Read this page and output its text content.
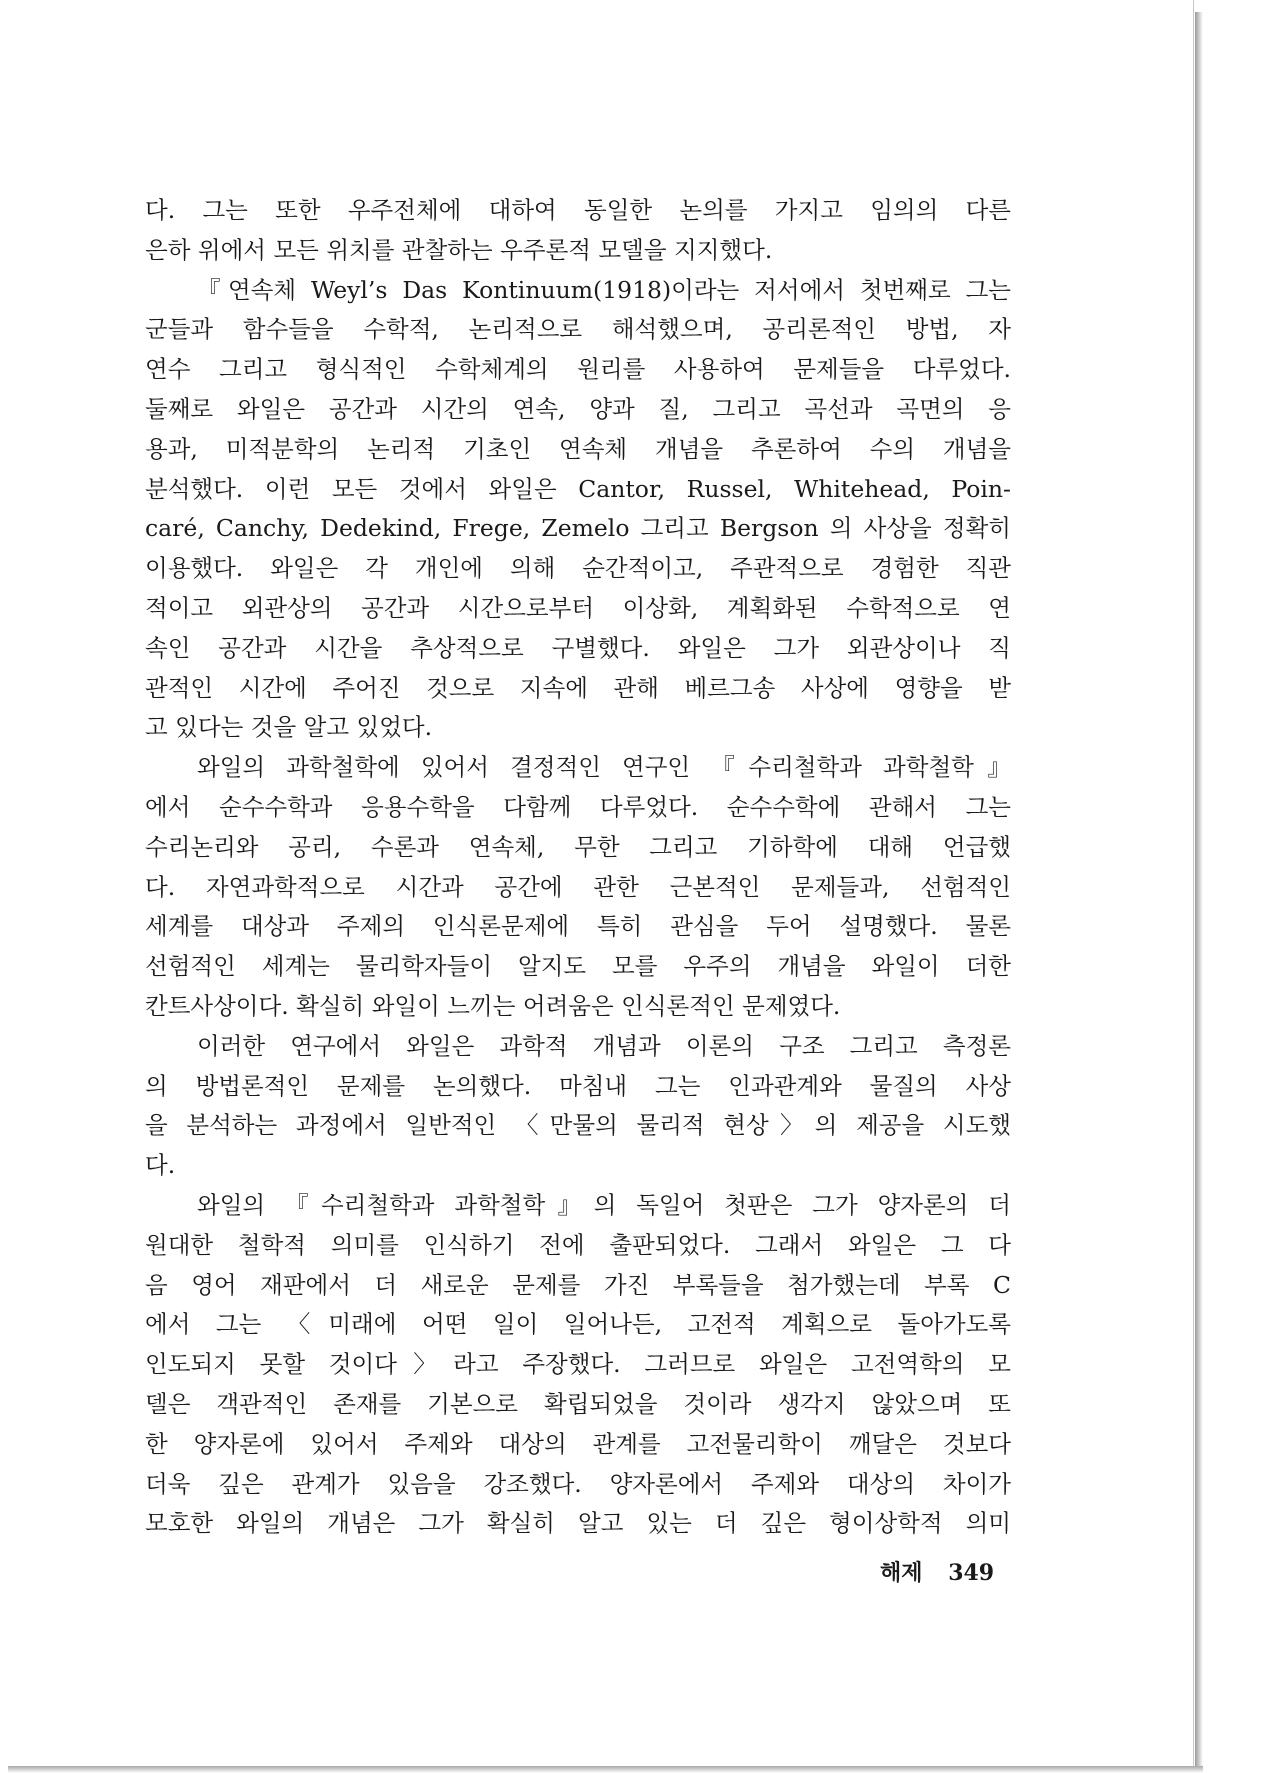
다. 그는 또한 우주전체에 대하여 동일한 논의를 가지고 임의의 다른
은하 위에서 모든 위치를 관찰하는 우주론적 모델을 지지했다.
『연속체 Weyl’s Das Kontinuum(1918)이라는 저서에서 첫번째로 그는
군들과 함수들을 수학적, 논리적으로 해석했으며, 공리론적인 방법, 자
연수 그리고 형식적인 수학체계의 원리를 사용하여 문제들을 다루었다.
둘째로 와일은 공간과 시간의 연속, 양과 질, 그리고 곡선과 곡면의 응
용과, 미적분학의 논리적 기초인 연속체 개념을 추론하여 수의 개념을
분석했다. 이런 모든 것에서 와일은 Cantor, Russel, Whitehead, Poin-
caré, Canchy, Dedekind, Frege, Zemelo 그리고 Bergson 의 사상을 정확히
이용했다. 와일은 각 개인에 의해 순간적이고, 주관적으로 경험한 직관
적이고 외관상의 공간과 시간으로부터 이상화, 계획화된 수학적으로 연
속인 공간과 시간을 추상적으로 구별했다. 와일은 그가 외관상이나 직
관적인 시간에 주어진 것으로 지속에 관해 베르그송 사상에 영향을 받
고 있다는 것을 알고 있었다.
와일의 과학철학에 있어서 결정적인 연구인 『수리철학과 과학철학』
에서 순수수학과 응용수학을 다함께 다루었다. 순수수학에 관해서 그는
수리논리와 공리, 수론과 연속체, 무한 그리고 기하학에 대해 언급했
다. 자연과학적으로 시간과 공간에 관한 근본적인 문제들과, 선험적인
세계를 대상과 주제의 인식론문제에 특히 관심을 두어 설명했다. 물론
선험적인 세계는 물리학자들이 알지도 모를 우주의 개념을 와일이 더한
칸트사상이다. 확실히 와일이 느끼는 어려움은 인식론적인 문제였다.
이러한 연구에서 와일은 과학적 개념과 이론의 구조 그리고 측정론
의 방법론적인 문제를 논의했다. 마침내 그는 인과관계와 물질의 사상
을 분석하는 과정에서 일반적인 〈만물의 물리적 현상〉의 제공을 시도했
다.
와일의 『수리철학과 과학철학』의 독일어 첫판은 그가 양자론의 더
원대한 철학적 의미를 인식하기 전에 출판되었다. 그래서 와일은 그 다
음 영어 재판에서 더 새로운 문제를 가진 부록들을 첨가했는데 부록 C
에서 그는 〈미래에 어떤 일이 일어나든, 고전적 계획으로 돌아가도록
인도되지 못할 것이다〉라고 주장했다. 그러므로 와일은 고전역학의 모
델은 객관적인 존재를 기본으로 확립되었을 것이라 생각지 않았으며 또
한 양자론에 있어서 주제와 대상의 관계를 고전물리학이 깨달은 것보다
더욱 깊은 관계가 있음을 강조했다. 양자론에서 주제와 대상의 차이가
모호한 와일의 개념은 그가 확실히 알고 있는 더 깊은 형이상학적 의미
해제 349
